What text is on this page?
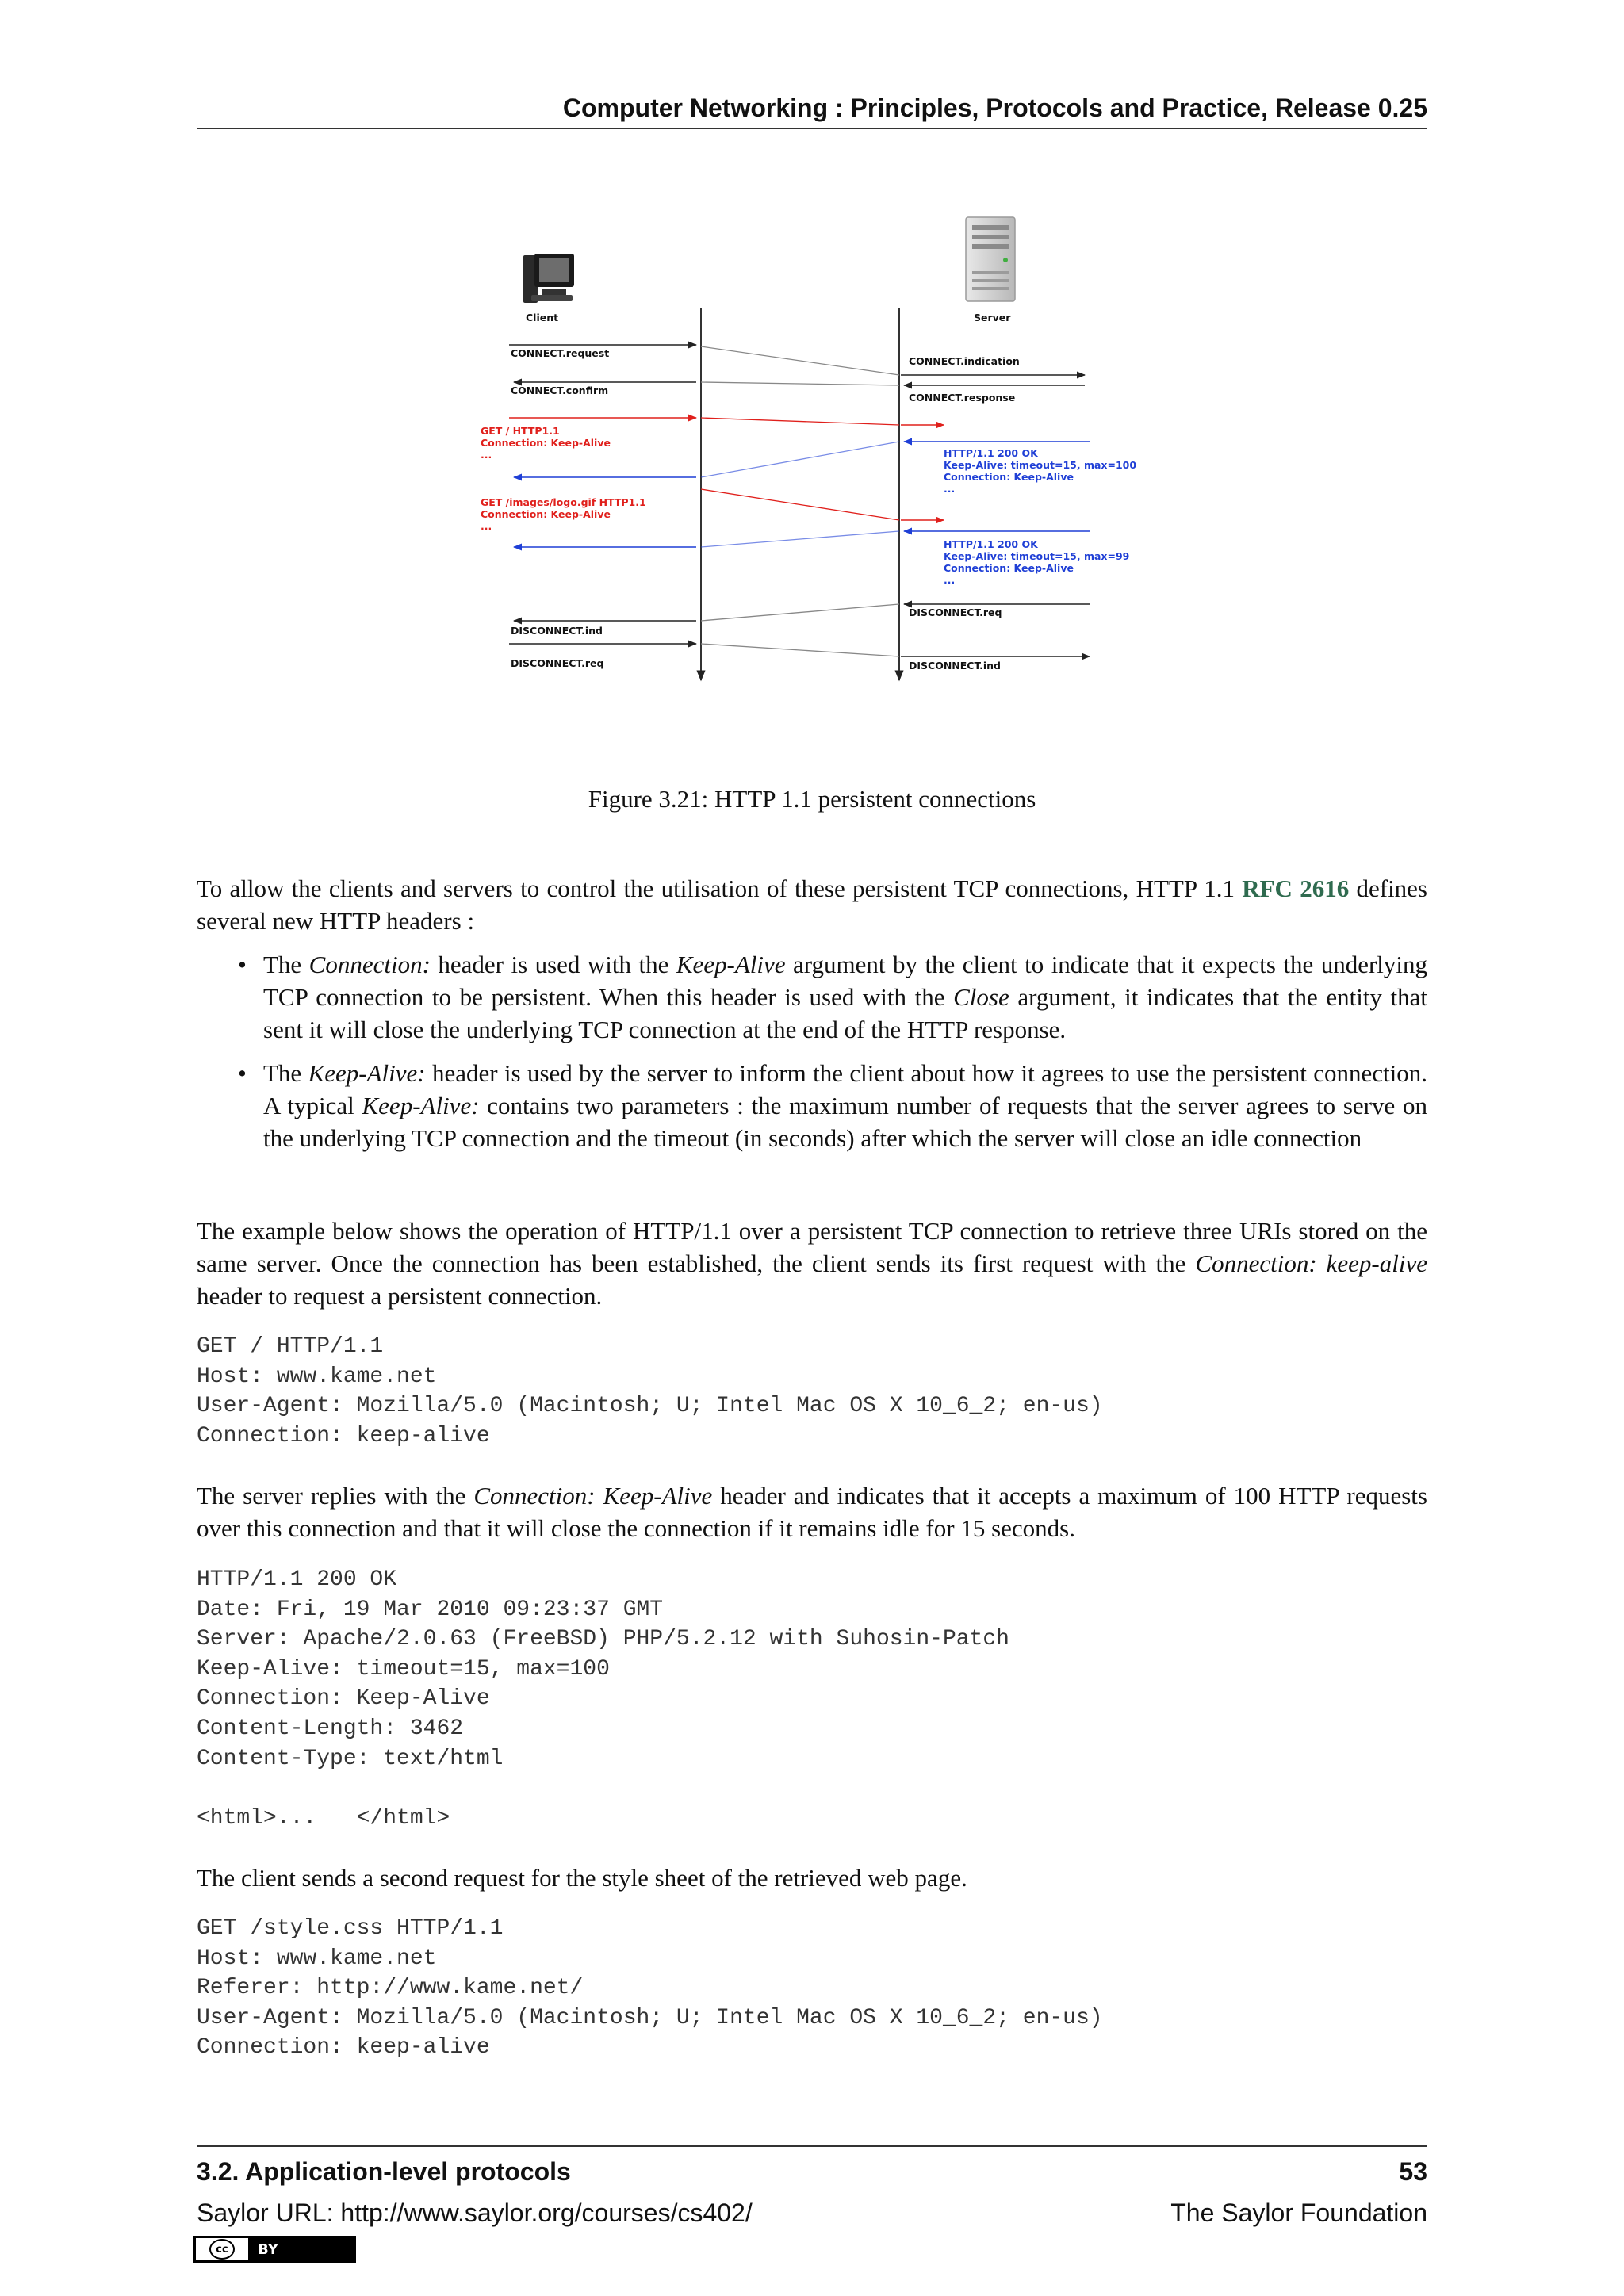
Computer Networking : Principles, Protocols and Practice, Release 0.25
Client	Server
CONNECT.request
CONNECT.indication
CONNECT.response
CONNECT.confirm
GET / HTTP1.1
Connection: Keep-Alive
...	HTTP/1.1 200 OK
Keep-Alive: timeout=15, max=100
Connection: Keep-Alive
...
GET /images/logo.gif HTTP1.1
Connection: Keep-Alive
...
HTTP/1.1 200 OK
Keep-Alive: timeout=15, max=99
Connection: Keep-Alive
...
DISCONNECT.req
DISCONNECT.ind
DISCONNECT.req	DISCONNECT.ind
Figure 3.21: HTTP 1.1 persistent connections

To allow the clients and servers to control the utilisation of these persistent TCP connections, HTTP 1.1 RFC 2616 defines several new HTTP headers :

• The Connection: header is used with the Keep-Alive argument by the client to indicate that it expects the underlying TCP connection to be persistent. When this header is used with the Close argument, it indicates that the entity that sent it will close the underlying TCP connection at the end of the HTTP response.
• The Keep-Alive: header is used by the server to inform the client about how it agrees to use the persistent connection. A typical Keep-Alive: contains two parameters : the maximum number of requests that the server agrees to serve on the underlying TCP connection and the timeout (in seconds) after which the server will close an idle connection

The example below shows the operation of HTTP/1.1 over a persistent TCP connection to retrieve three URIs stored on the same server. Once the connection has been established, the client sends its first request with the Connection: keep-alive header to request a persistent connection.

GET / HTTP/1.1
Host: www.kame.net
User-Agent: Mozilla/5.0 (Macintosh; U; Intel Mac OS X 10_6_2; en-us)
Connection: keep-alive

The server replies with the Connection: Keep-Alive header and indicates that it accepts a maximum of 100 HTTP requests over this connection and that it will close the connection if it remains idle for 15 seconds.

HTTP/1.1 200 OK
Date: Fri, 19 Mar 2010 09:23:37 GMT
Server: Apache/2.0.63 (FreeBSD) PHP/5.2.12 with Suhosin-Patch
Keep-Alive: timeout=15, max=100
Connection: Keep-Alive
Content-Length: 3462
Content-Type: text/html

<html>...   </html>

The client sends a second request for the style sheet of the retrieved web page.

GET /style.css HTTP/1.1
Host: www.kame.net
Referer: http://www.kame.net/
User-Agent: Mozilla/5.0 (Macintosh; U; Intel Mac OS X 10_6_2; en-us)
Connection: keep-alive
3.2. Application-level protocols	53
Saylor URL: http://www.saylor.org/courses/cs402/	The Saylor Foundation
cc	BY
